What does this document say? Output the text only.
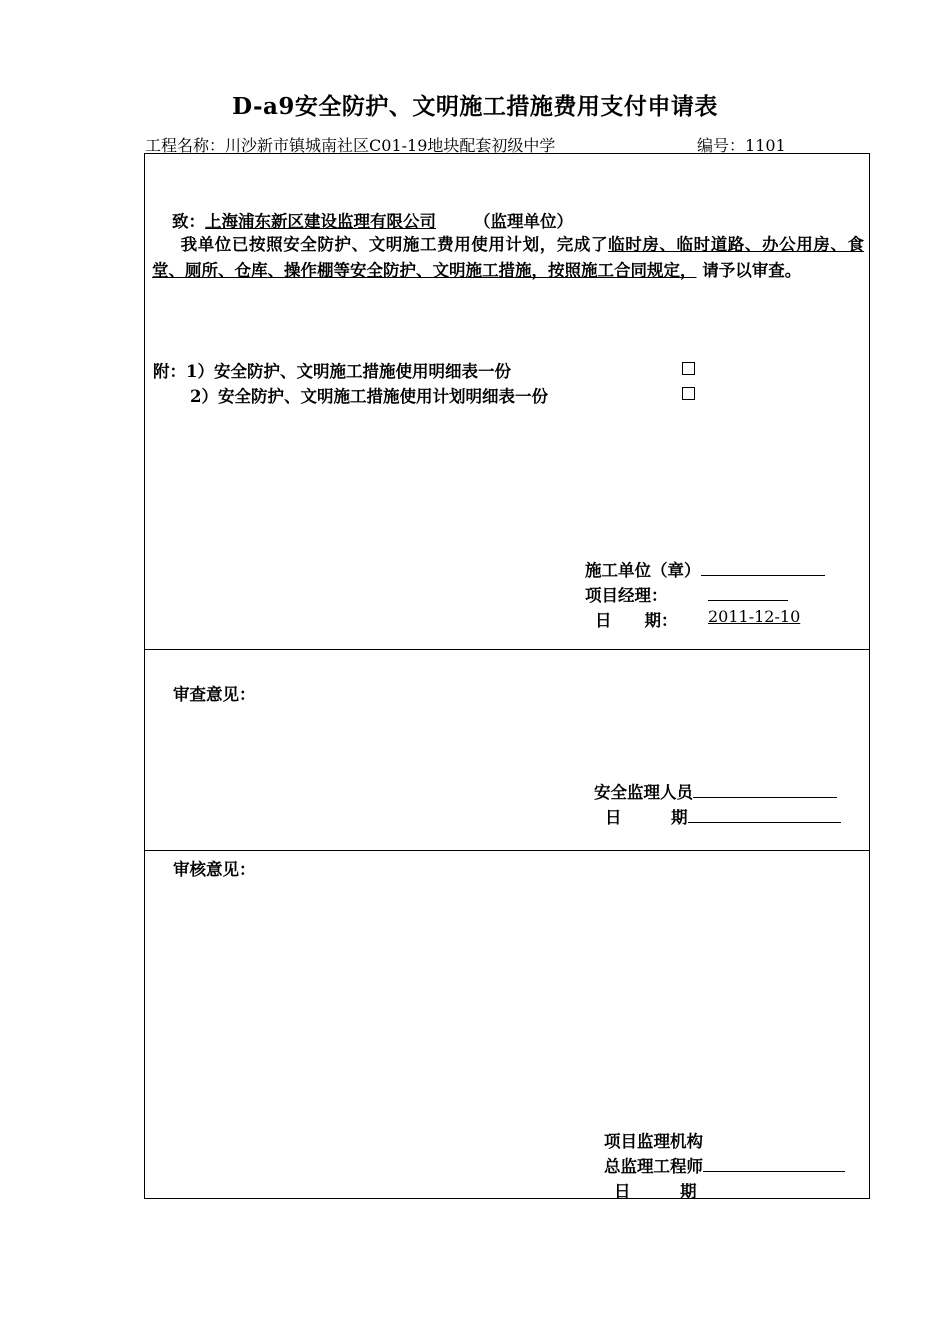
D-a9安全防护、文明施工措施费用支付申请表
工程名称：川沙新市镇城南社区C01-19地块配套初级中学	编号：1101
致：上海浦东新区建设监理有限公司 （监理单位）
我单位已按照安全防护、文明施工费用使用计划，完成了临时房、临时道路、办公用房、食堂、厕所、仓库、操作棚等安全防护、文明施工措施，按照施工合同规定， 请予以审查。
附：1）安全防护、文明施工措施使用明细表一份
2）安全防护、文明施工措施使用计划明细表一份
施工单位（章）
项目经理：
日　　期： 2011-12-10
审查意见：
安全监理人员
日　　　期
审核意见：
项目监理机构
总监理工程师
日　　　期
